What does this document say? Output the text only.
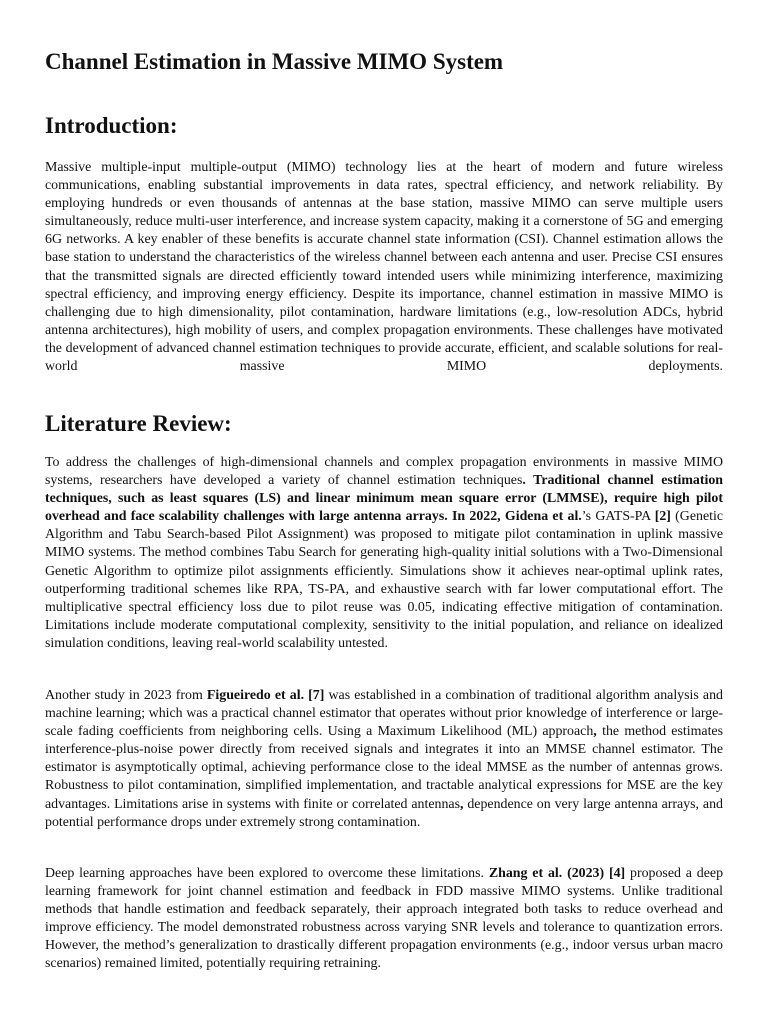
Channel Estimation in Massive MIMO System
Introduction:

Massive multiple-input multiple-output (MIMO) technology lies at the heart of modern and future wireless communications, enabling substantial improvements in data rates, spectral efficiency, and network reliability. By employing hundreds or even thousands of antennas at the base station, massive MIMO can serve multiple users simultaneously, reduce multi-user interference, and increase system capacity, making it a cornerstone of 5G and emerging 6G networks. A key enabler of these benefits is accurate channel state information (CSI). Channel estimation allows the base station to understand the characteristics of the wireless channel between each antenna and user. Precise CSI ensures that the transmitted signals are directed efficiently toward intended users while minimizing interference, maximizing spectral efficiency, and improving energy efficiency. Despite its importance, channel estimation in massive MIMO is challenging due to high dimensionality, pilot contamination, hardware limitations (e.g., low-resolution ADCs, hybrid antenna architectures), high mobility of users, and complex propagation environments. These challenges have motivated the development of advanced channel estimation techniques to provide accurate, efficient, and scalable solutions for real-world massive MIMO deployments.

Literature Review:

To address the challenges of high-dimensional channels and complex propagation environments in massive MIMO systems, researchers have developed a variety of channel estimation techniques. Traditional channel estimation techniques, such as least squares (LS) and linear minimum mean square error (LMMSE), require high pilot overhead and face scalability challenges with large antenna arrays. In 2022, Gidena et al.’s GATS-PA [2] (Genetic Algorithm and Tabu Search-based Pilot Assignment) was proposed to mitigate pilot contamination in uplink massive MIMO systems. The method combines Tabu Search for generating high-quality initial solutions with a Two-Dimensional Genetic Algorithm to optimize pilot assignments efficiently. Simulations show it achieves near-optimal uplink rates, outperforming traditional schemes like RPA, TS-PA, and exhaustive search with far lower computational effort. The multiplicative spectral efficiency loss due to pilot reuse was 0.05, indicating effective mitigation of contamination. Limitations include moderate computational complexity, sensitivity to the initial population, and reliance on idealized simulation conditions, leaving real-world scalability untested.

Another study in 2023 from Figueiredo et al. [7] was established in a combination of traditional algorithm analysis and machine learning; which was a practical channel estimator that operates without prior knowledge of interference or large-scale fading coefficients from neighboring cells. Using a Maximum Likelihood (ML) approach, the method estimates interference-plus-noise power directly from received signals and integrates it into an MMSE channel estimator. The estimator is asymptotically optimal, achieving performance close to the ideal MMSE as the number of antennas grows. Robustness to pilot contamination, simplified implementation, and tractable analytical expressions for MSE are the key advantages. Limitations arise in systems with finite or correlated antennas, dependence on very large antenna arrays, and potential performance drops under extremely strong contamination.

Deep learning approaches have been explored to overcome these limitations. Zhang et al. (2023) [4] proposed a deep learning framework for joint channel estimation and feedback in FDD massive MIMO systems. Unlike traditional methods that handle estimation and feedback separately, their approach integrated both tasks to reduce overhead and improve efficiency. The model demonstrated robustness across varying SNR levels and tolerance to quantization errors. However, the method’s generalization to drastically different propagation environments (e.g., indoor versus urban macro scenarios) remained limited, potentially requiring retraining.
